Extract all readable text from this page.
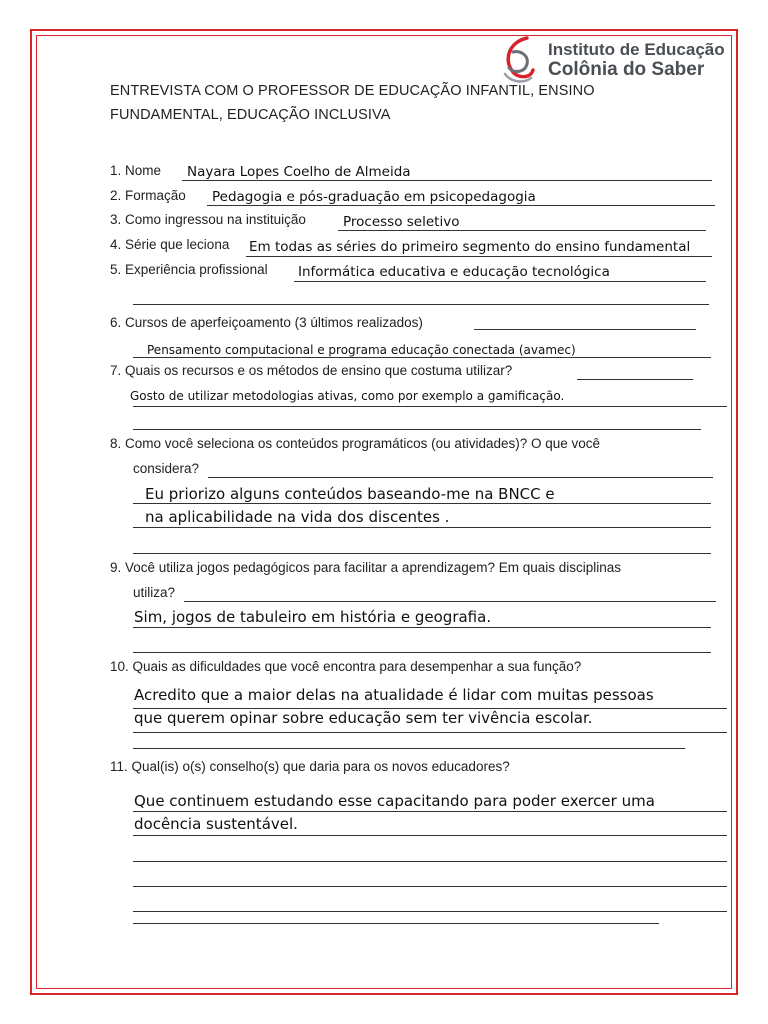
Instituto de Educação
Colônia do Saber
ENTREVISTA COM O PROFESSOR DE EDUCAÇÃO INFANTIL, ENSINO
FUNDAMENTAL, EDUCAÇÃO INCLUSIVA
1. Nome Nayara Lopes Coelho de Almeida
2. Formação Pedagogia e pós-graduação em psicopedagogia
3. Como ingressou na instituição	Processo seletivo
4. Série que leciona Em todas as séries do primeiro segmento do ensino fundamental
5. Experiência profissional Informática educativa e educação tecnológica
6. Cursos de aperfeiçoamento (3 últimos realizados)
Pensamento computacional e programa educação conectada (avamec)
7. Quais os recursos e os métodos de ensino que costuma utilizar?
Gosto de utilizar metodologias ativas, como por exemplo a gamificação.
8. Como você seleciona os conteúdos programáticos (ou atividades)? O que você
considera?
Eu priorizo alguns conteúdos baseando-me na BNCC e
na aplicabilidade na vida dos discentes .
9. Você utiliza jogos pedagógicos para facilitar a aprendizagem? Em quais disciplinas
utiliza?
Sim, jogos de tabuleiro em história e geografia.
10. Quais as dificuldades que você encontra para desempenhar a sua função?
Acredito que a maior delas na atualidade é lidar com muitas pessoas
que querem opinar sobre educação sem ter vivência escolar.
11. Qual(is) o(s) conselho(s) que daria para os novos educadores?
Que continuem estudando esse capacitando para poder exercer uma
docência sustentável.
